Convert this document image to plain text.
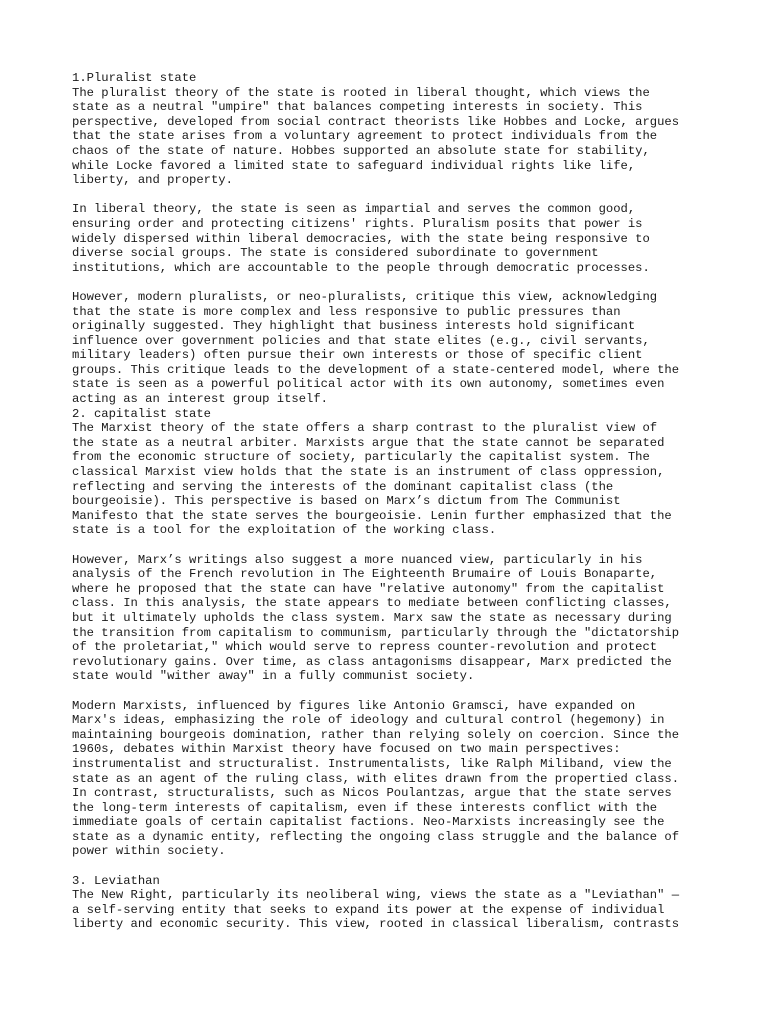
1.Pluralist state
The pluralist theory of the state is rooted in liberal thought, which views the
state as a neutral "umpire" that balances competing interests in society. This
perspective, developed from social contract theorists like Hobbes and Locke, argues
that the state arises from a voluntary agreement to protect individuals from the
chaos of the state of nature. Hobbes supported an absolute state for stability,
while Locke favored a limited state to safeguard individual rights like life,
liberty, and property.
In liberal theory, the state is seen as impartial and serves the common good,
ensuring order and protecting citizens' rights. Pluralism posits that power is
widely dispersed within liberal democracies, with the state being responsive to
diverse social groups. The state is considered subordinate to government
institutions, which are accountable to the people through democratic processes.
However, modern pluralists, or neo-pluralists, critique this view, acknowledging
that the state is more complex and less responsive to public pressures than
originally suggested. They highlight that business interests hold significant
influence over government policies and that state elites (e.g., civil servants,
military leaders) often pursue their own interests or those of specific client
groups. This critique leads to the development of a state-centered model, where the
state is seen as a powerful political actor with its own autonomy, sometimes even
acting as an interest group itself.
2. capitalist state
The Marxist theory of the state offers a sharp contrast to the pluralist view of
the state as a neutral arbiter. Marxists argue that the state cannot be separated
from the economic structure of society, particularly the capitalist system. The
classical Marxist view holds that the state is an instrument of class oppression,
reflecting and serving the interests of the dominant capitalist class (the
bourgeoisie). This perspective is based on Marx’s dictum from The Communist
Manifesto that the state serves the bourgeoisie. Lenin further emphasized that the
state is a tool for the exploitation of the working class.
However, Marx’s writings also suggest a more nuanced view, particularly in his
analysis of the French revolution in The Eighteenth Brumaire of Louis Bonaparte,
where he proposed that the state can have "relative autonomy" from the capitalist
class. In this analysis, the state appears to mediate between conflicting classes,
but it ultimately upholds the class system. Marx saw the state as necessary during
the transition from capitalism to communism, particularly through the "dictatorship
of the proletariat," which would serve to repress counter-revolution and protect
revolutionary gains. Over time, as class antagonisms disappear, Marx predicted the
state would "wither away" in a fully communist society.
Modern Marxists, influenced by figures like Antonio Gramsci, have expanded on
Marx's ideas, emphasizing the role of ideology and cultural control (hegemony) in
maintaining bourgeois domination, rather than relying solely on coercion. Since the
1960s, debates within Marxist theory have focused on two main perspectives:
instrumentalist and structuralist. Instrumentalists, like Ralph Miliband, view the
state as an agent of the ruling class, with elites drawn from the propertied class.
In contrast, structuralists, such as Nicos Poulantzas, argue that the state serves
the long-term interests of capitalism, even if these interests conflict with the
immediate goals of certain capitalist factions. Neo-Marxists increasingly see the
state as a dynamic entity, reflecting the ongoing class struggle and the balance of
power within society.
3. Leviathan
The New Right, particularly its neoliberal wing, views the state as a "Leviathan" —
a self-serving entity that seeks to expand its power at the expense of individual
liberty and economic security. This view, rooted in classical liberalism, contrasts
